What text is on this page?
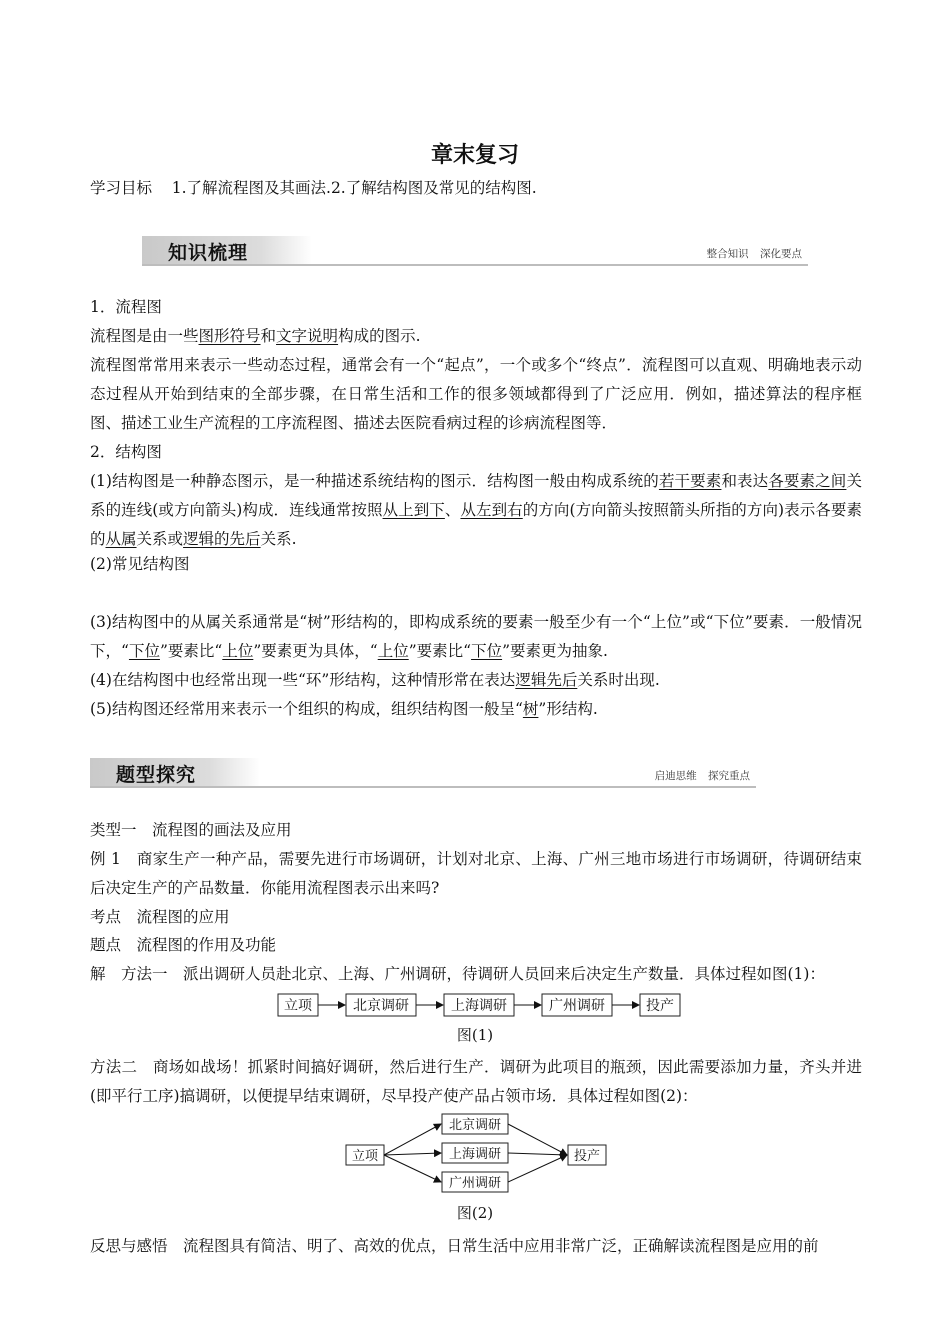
章末复习
学习目标 1.了解流程图及其画法.2.了解结构图及常见的结构图.
知识梳理	整合知识 深化要点
1．流程图
流程图是由一些图形符号和文字说明构成的图示.
流程图常常用来表示一些动态过程，通常会有一个“起点”，一个或多个“终点”．流程图可以直观、明确地表示动态过程从开始到结束的全部步骤，在日常生活和工作的很多领域都得到了广泛应用．例如，描述算法的程序框图、描述工业生产流程的工序流程图、描述去医院看病过程的诊病流程图等．
2．结构图
(1)结构图是一种静态图示，是一种描述系统结构的图示．结构图一般由构成系统的若干要素和表达各要素之间关系的连线(或方向箭头)构成．连线通常按照从上到下、从左到右的方向(方向箭头按照箭头所指的方向)表示各要素的从属关系或逻辑的先后关系.
(2)常见结构图
(3)结构图中的从属关系通常是“树”形结构的，即构成系统的要素一般至少有一个“上位”或“下位”要素．一般情况下，“下位”要素比“上位”要素更为具体，“上位”要素比“下位”要素更为抽象.
(4)在结构图中也经常出现一些“环”形结构，这种情形常在表达逻辑先后关系时出现.
(5)结构图还经常用来表示一个组织的构成，组织结构图一般呈“树”形结构.
题型探究	启迪思维 探究重点
类型一　流程图的画法及应用
例 1　商家生产一种产品，需要先进行市场调研，计划对北京、上海、广州三地市场进行市场调研，待调研结束后决定生产的产品数量．你能用流程图表示出来吗?
考点　流程图的应用
题点　流程图的作用及功能
解　方法一　派出调研人员赴北京、上海、广州调研，待调研人员回来后决定生产数量．具体过程如图(1)：
立项	北京调研	上海调研	广州调研	投产
图(1)
方法二　商场如战场！抓紧时间搞好调研，然后进行生产．调研为此项目的瓶颈，因此需要添加力量，齐头并进(即平行工序)搞调研，以便提早结束调研，尽早投产使产品占领市场．具体过程如图(2)：
立项
北京调研
上海调研
广州调研
投产
图(2)
反思与感悟　流程图具有简洁、明了、高效的优点，日常生活中应用非常广泛，正确解读流程图是应用的前
